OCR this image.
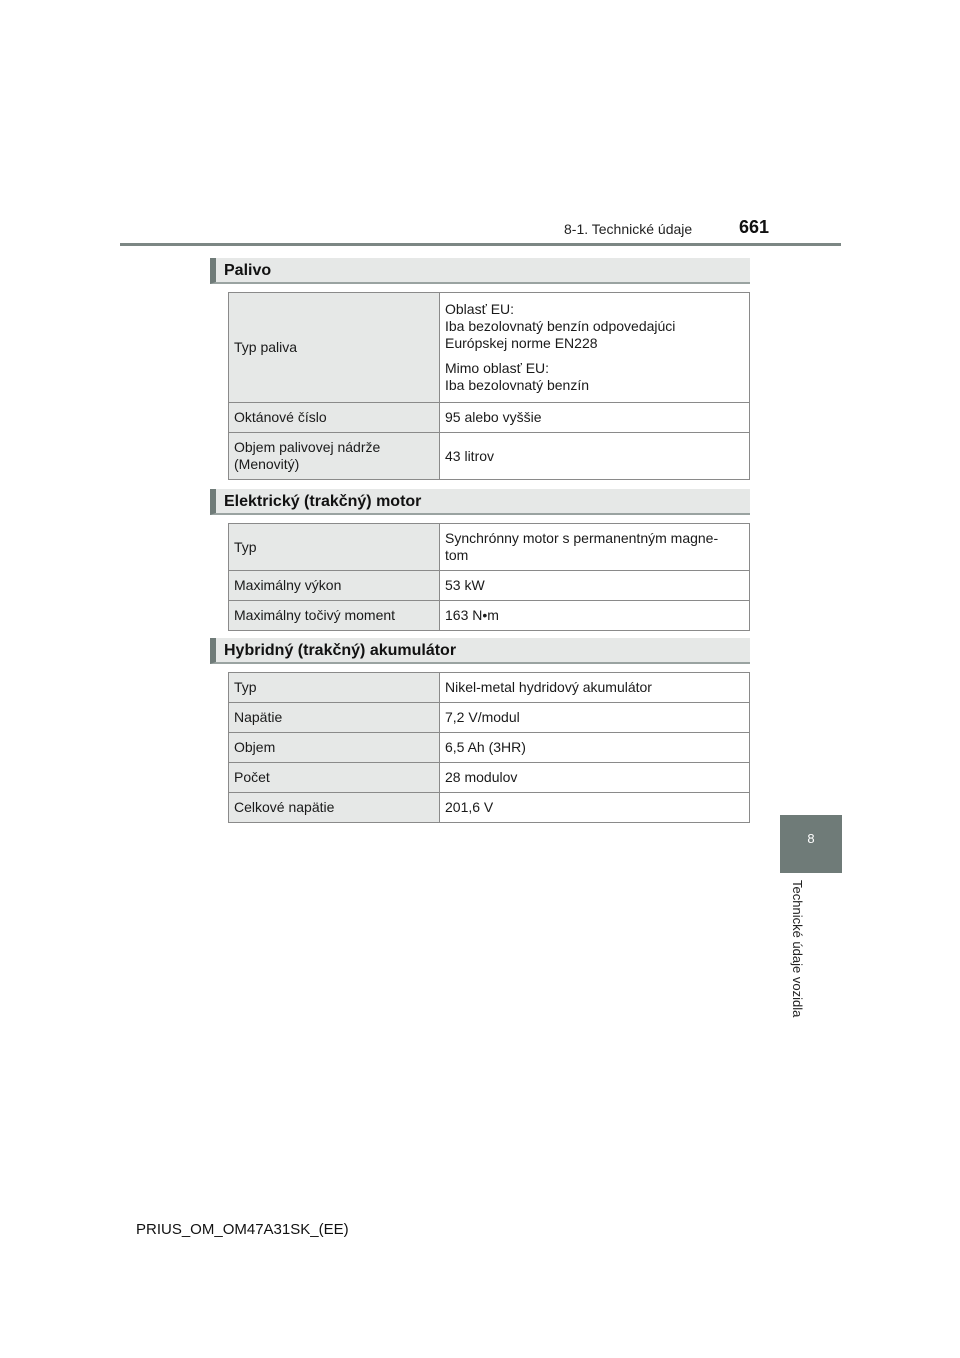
8-1. Technické údaje	661
8
Technické údaje vozidla
Palivo
Typ paliva	Oblasť EU:
Iba bezolovnatý benzín odpovedajúci
Európskej norme EN228

Mimo oblasť EU:
Iba bezolovnatý benzín

Oktánové číslo	95 alebo vyššie
Objem palivovej nádrže
(Menovitý)	43 litrov
Elektrický (trakčný) motor
Typ	Synchrónny motor s permanentným magne-
tom
Maximálny výkon	53 kW
Maximálny točivý moment	163 N•m
Hybridný (trakčný) akumulátor
Typ	Nikel-metal hydridový akumulátor
Napätie	7,2 V/modul
Objem	6,5 Ah (3HR)
Počet	28 modulov
Celkové napätie	201,6 V
PRIUS_OM_OM47A31SK_(EE)
